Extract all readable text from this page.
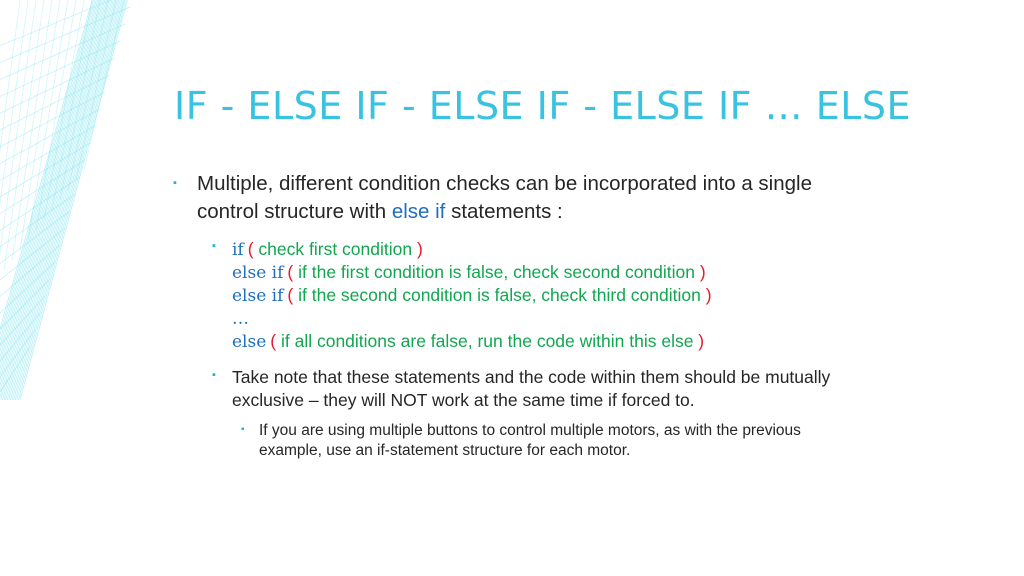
IF - ELSE IF - ELSE IF - ELSE IF … ELSE
▪ Multiple, different condition checks can be incorporated into a single
control structure with else if statements :
▪ if ( check first condition )
else if ( if the first condition is false, check second condition )
else if ( if the second condition is false, check third condition )
…
else ( if all conditions are false, run the code within this else )
▪ Take note that these statements and the code within them should be mutually
exclusive – they will NOT work at the same time if forced to.
▪ If you are using multiple buttons to control multiple motors, as with the previous
example, use an if-statement structure for each motor.
